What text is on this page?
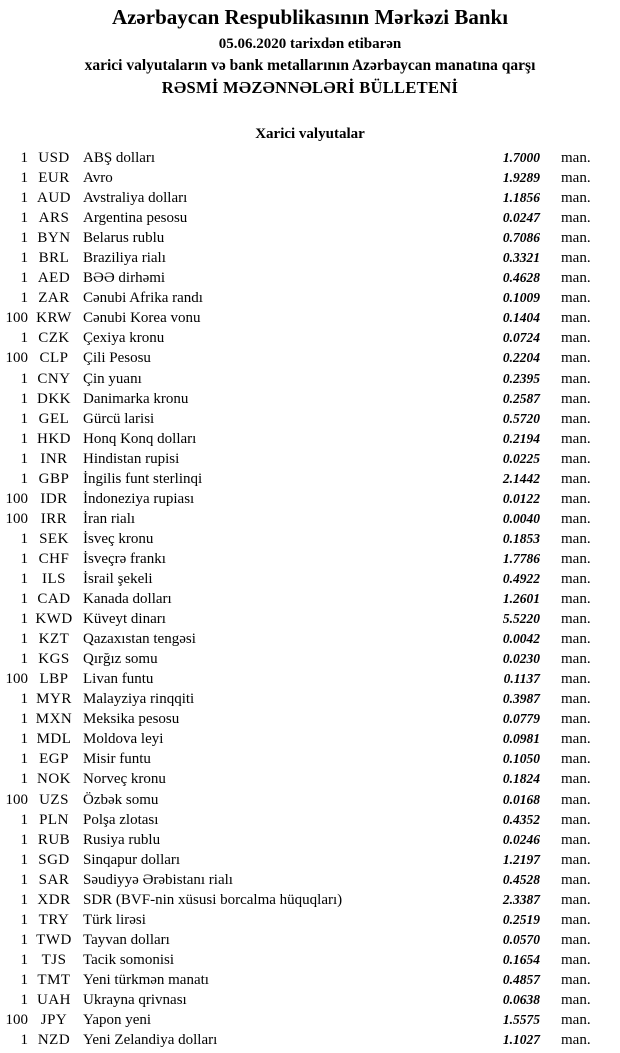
Azərbaycan Respublikasının Mərkəzi Bankı
05.06.2020 tarixdən etibarən
xarici valyutaların və bank metallarının Azərbaycan manatına qarşı
RƏSMİ MƏZƏNNƏLƏRİ BÜLLETENİ
Xarici valyutalar
1 USD ABŞ dolları	1.7000	man.
1 EUR Avro	1.9289	man.
1 AUD Avstraliya dolları	1.1856	man.
1 ARS Argentina pesosu	0.0247	man.
1 BYN Belarus rublu	0.7086	man.
1 BRL Braziliya rialı	0.3321	man.
1 AED BƏƏ dirhəmi	0.4628	man.
1 ZAR Cənubi Afrika randı	0.1009	man.
100 KRW Cənubi Korea vonu	0.1404	man.
1 CZK Çexiya kronu	0.0724	man.
100 CLP Çili Pesosu	0.2204	man.
1 CNY Çin yuanı	0.2395	man.
1 DKK Danimarka kronu	0.2587	man.
1 GEL Gürcü larisi	0.5720	man.
1 HKD Honq Konq dolları	0.2194	man.
1 INR	Hindistan rupisi	0.0225	man.
1 GBP İngilis funt sterlinqi	2.1442	man.
100 IDR	İndoneziya rupiası	0.0122	man.
100 IRR	İran rialı	0.0040	man.
1 SEK İsveç kronu	0.1853	man.
1 CHF İsveçrə frankı	1.7786	man.
1 ILS	İsrail şekeli	0.4922	man.
1 CAD Kanada dolları	1.2601	man.
1 KWD Küveyt dinarı	5.5220	man.
1 KZT Qazaxıstan tengəsi	0.0042	man.
1 KGS Qırğız somu	0.0230	man.
100 LBP Livan funtu	0.1137	man.
1 MYR Malayziya rinqqiti	0.3987	man.
1 MXN Meksika pesosu	0.0779	man.
1 MDL Moldova leyi	0.0981	man.
1 EGP Misir funtu	0.1050	man.
1 NOK Norveç kronu	0.1824	man.
100 UZS Özbək somu	0.0168	man.
1 PLN Polşa zlotası	0.4352	man.
1 RUB Rusiya rublu	0.0246	man.
1 SGD Sinqapur dolları	1.2197	man.
1 SAR Səudiyyə Ərəbistanı rialı	0.4528	man.
1 XDR SDR (BVF-nin xüsusi borcalma hüquqları)	2.3387	man.
1 TRY Türk lirəsi	0.2519	man.
1 TWD Tayvan dolları	0.0570	man.
1 TJS	Tacik somonisi	0.1654	man.
1 TMT Yeni türkmən manatı	0.4857	man.
1 UAH Ukrayna qrivnası	0.0638	man.
100 JPY	Yapon yeni	1.5575	man.
1 NZD Yeni Zelandiya dolları	1.1027	man.
